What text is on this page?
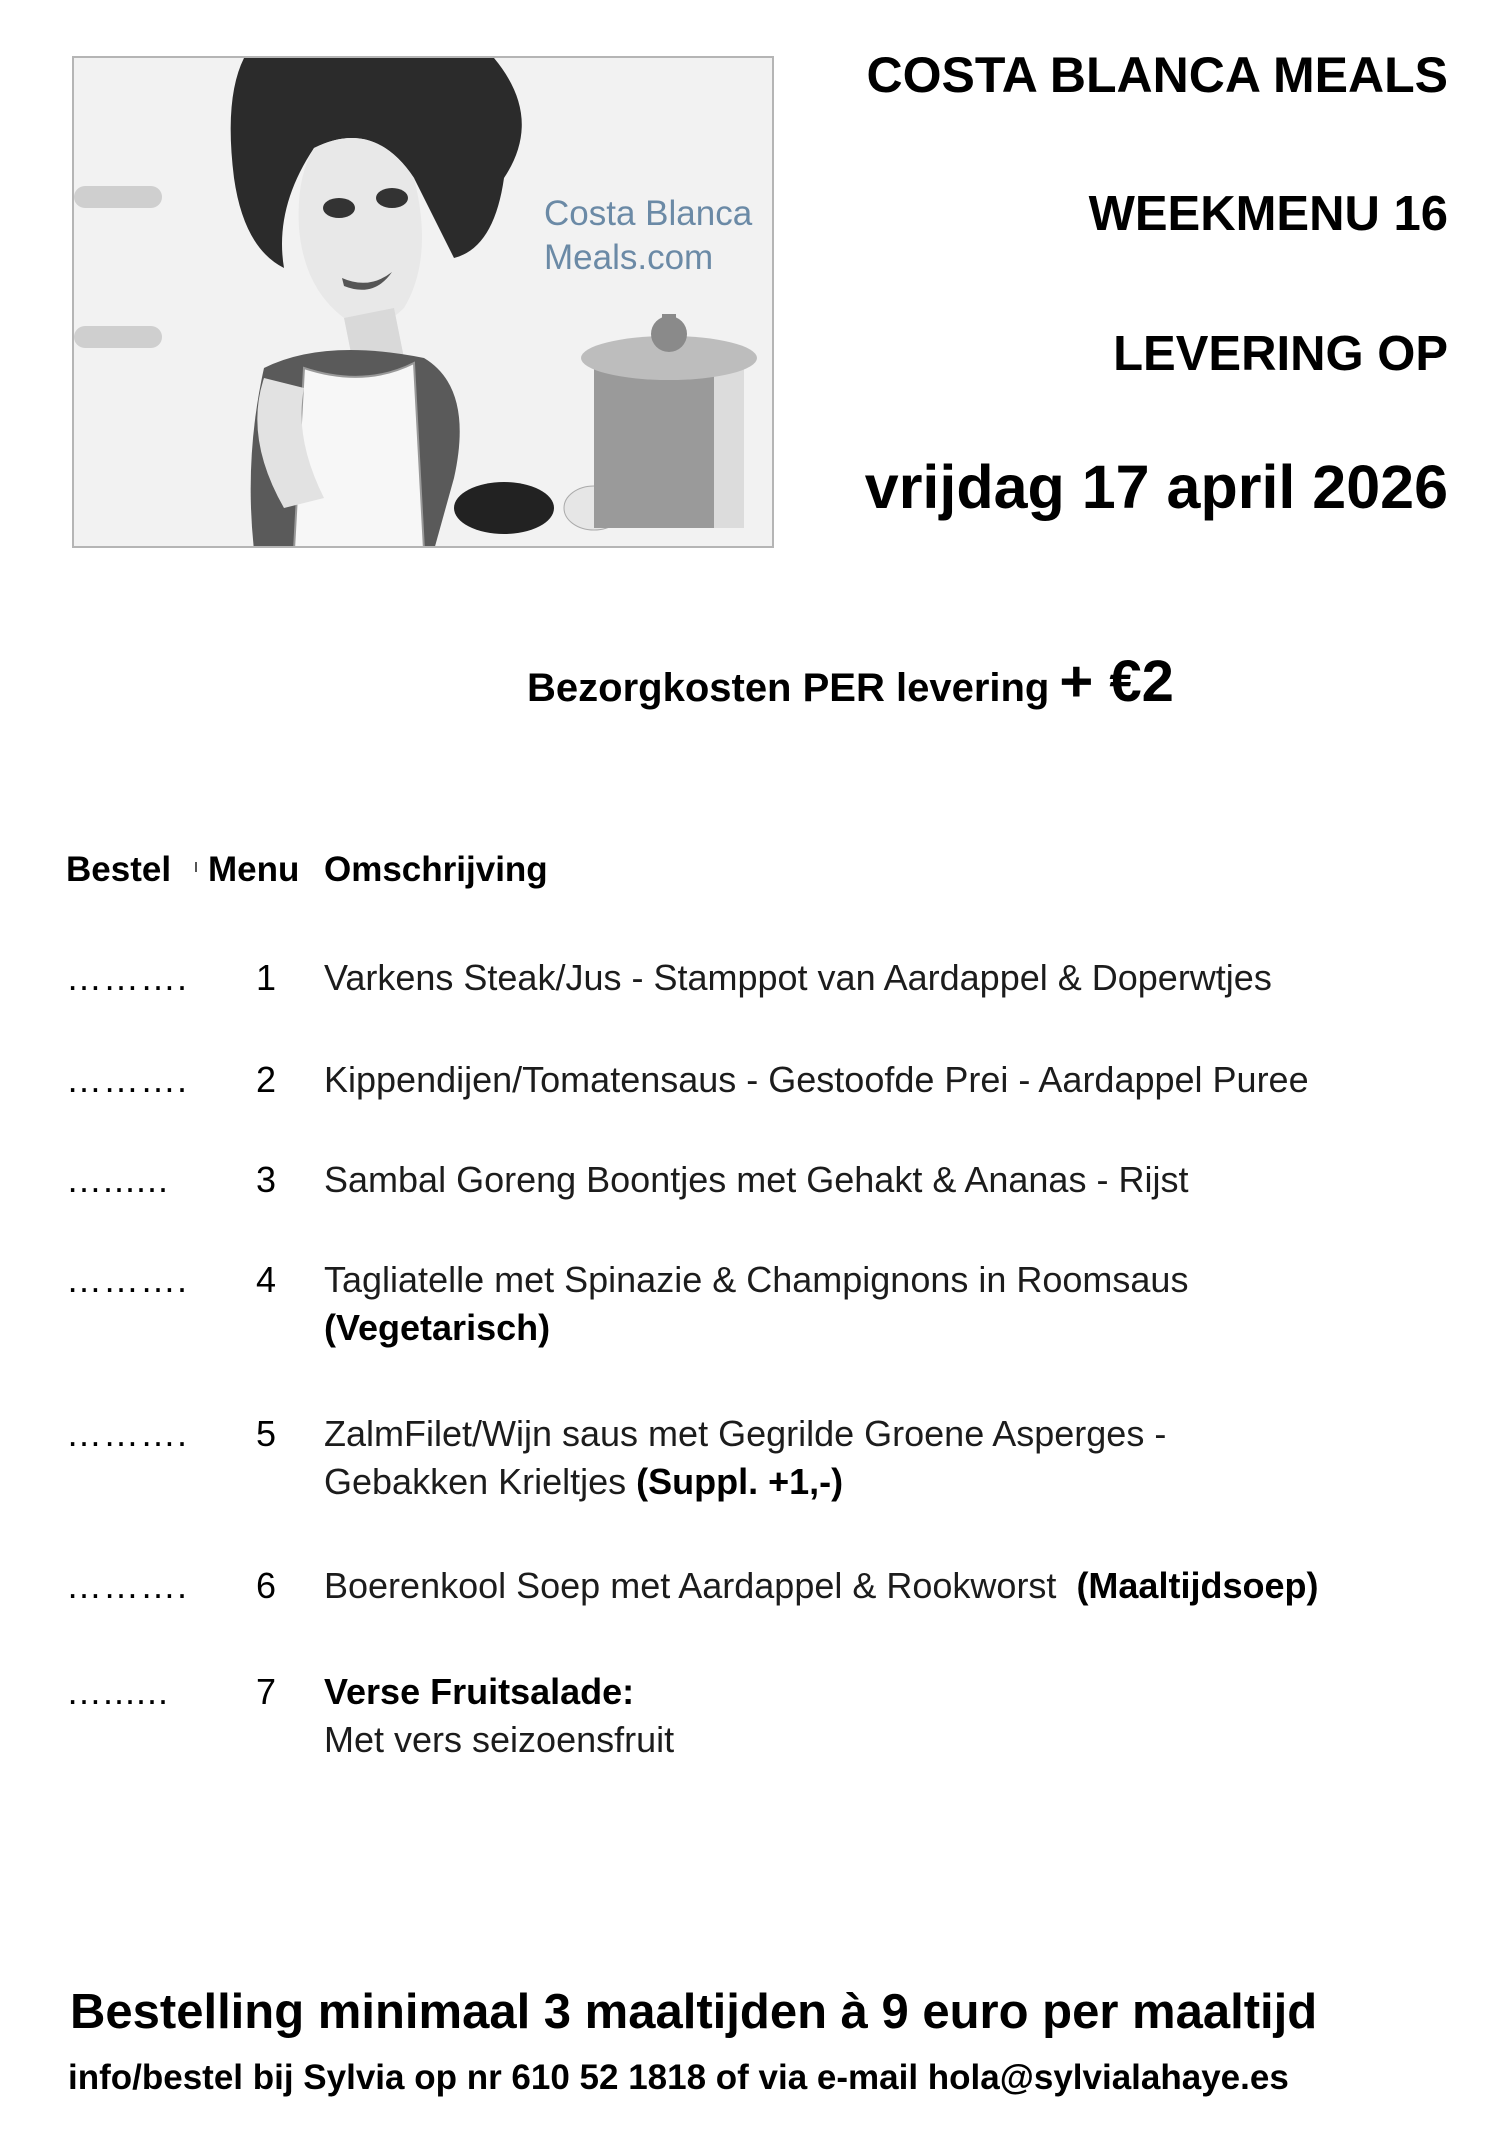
Costa Blanca
Meals.com
COSTA BLANCA MEALS
WEEKMENU 16
LEVERING OP
vrijdag 17 april 2026
Bezorgkosten PER levering + €2
Bestel Menu Omschrijving
………. 1 Varkens Steak/Jus - Stamppot van Aardappel & Doperwtjes
………. 2 Kippendijen/Tomatensaus - Gestoofde Prei - Aardappel Puree
…...... 3 Sambal Goreng Boontjes met Gehakt & Ananas - Rijst
………. 4 Tagliatelle met Spinazie & Champignons in Roomsaus
(Vegetarisch)
………. 5 ZalmFilet/Wijn saus met Gegrilde Groene Asperges -
Gebakken Krieltjes (Suppl. +1,-)
………. 6 Boerenkool Soep met Aardappel & Rookworst  (Maaltijdsoep)
…...... 7 Verse Fruitsalade:
Met vers seizoensfruit
Bestelling minimaal 3 maaltijden à 9 euro per maaltijd
info/bestel bij Sylvia op nr 610 52 1818 of via e-mail hola@sylvialahaye.es
